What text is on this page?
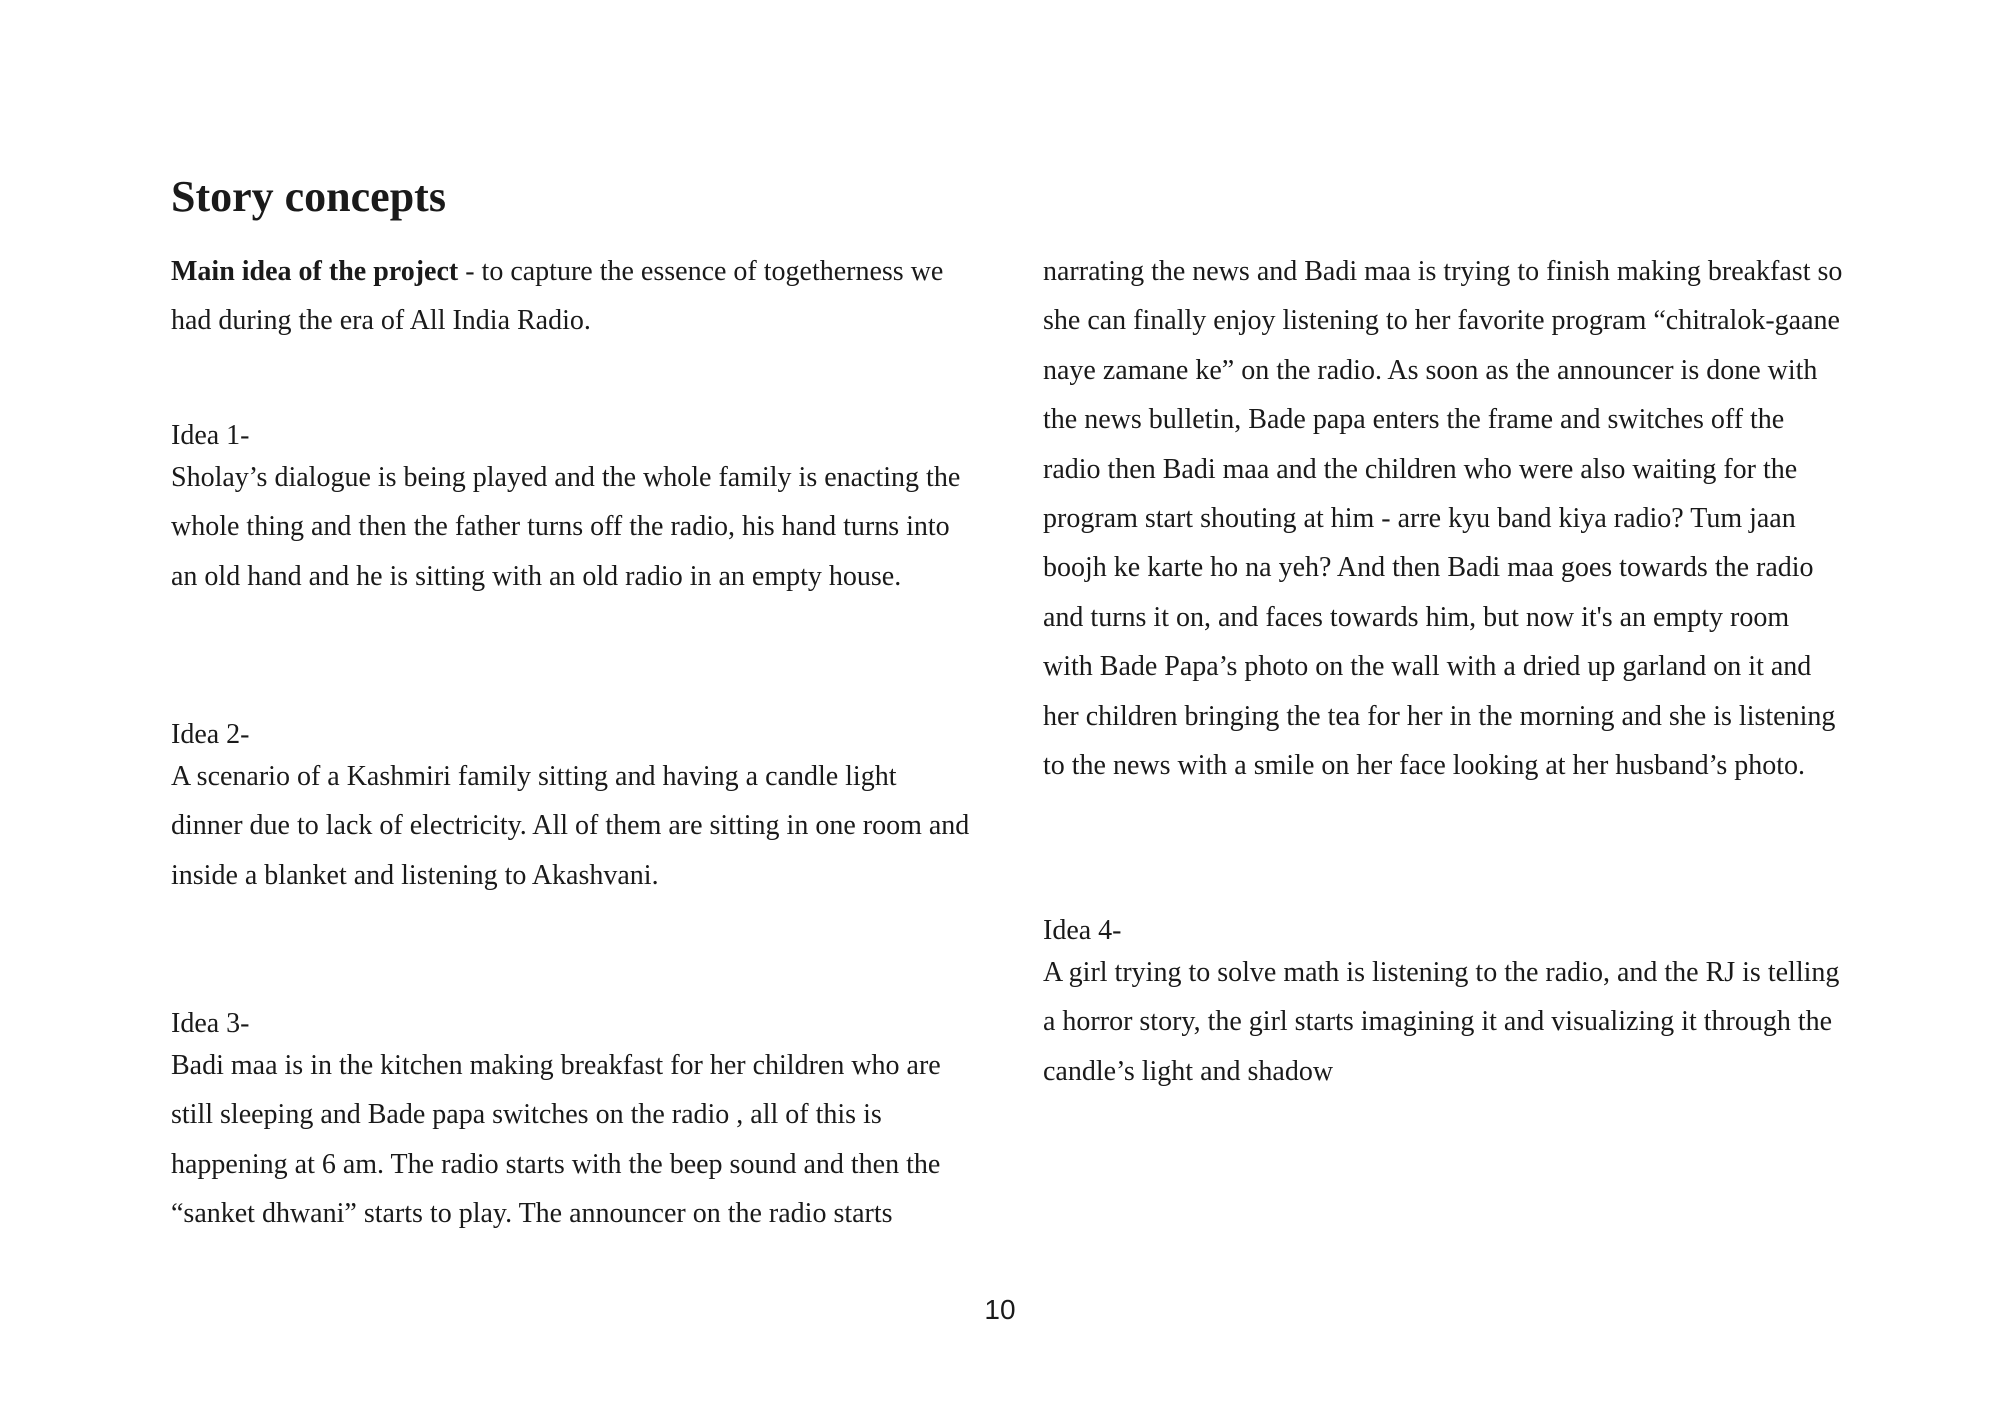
Story concepts

Main idea of the project - to capture the essence of togetherness we had during the era of All India Radio.

Idea 1-

Sholay’s dialogue is being played and the whole family is enacting the whole thing and then the father turns off the radio, his hand turns into an old hand and he is sitting with an old radio in an empty house.

Idea 2-

A scenario of a Kashmiri family sitting and having a candle light dinner due to lack of electricity. All of them are sitting in one room and inside a blanket and listening to Akashvani.

Idea 3-

Badi maa is in the kitchen making breakfast for her children who are still sleeping and Bade papa switches on the radio , all of this is happening at 6 am. The radio starts with the beep sound and then the “sanket dhwani” starts to play. The announcer on the radio starts

narrating the news and Badi maa is trying to finish making breakfast so she can finally enjoy listening to her favorite program “chitralok-gaane naye zamane ke” on the radio. As soon as the announcer is done with the news bulletin, Bade papa enters the frame and switches off the radio then Badi maa and the children who were also waiting for the program start shouting at him - arre kyu band kiya radio? Tum jaan boojh ke karte ho na yeh? And then Badi maa goes towards the radio and turns it on, and faces towards him, but now it's an empty room with Bade Papa’s photo on the wall with a dried up garland on it and her children bringing the tea for her in the morning and she is listening to the news with a smile on her face looking at her husband’s photo.

Idea 4-

A girl trying to solve math is listening to the radio, and the RJ is telling a horror story, the girl starts imagining it and visualizing it through the candle’s light and shadow

10
